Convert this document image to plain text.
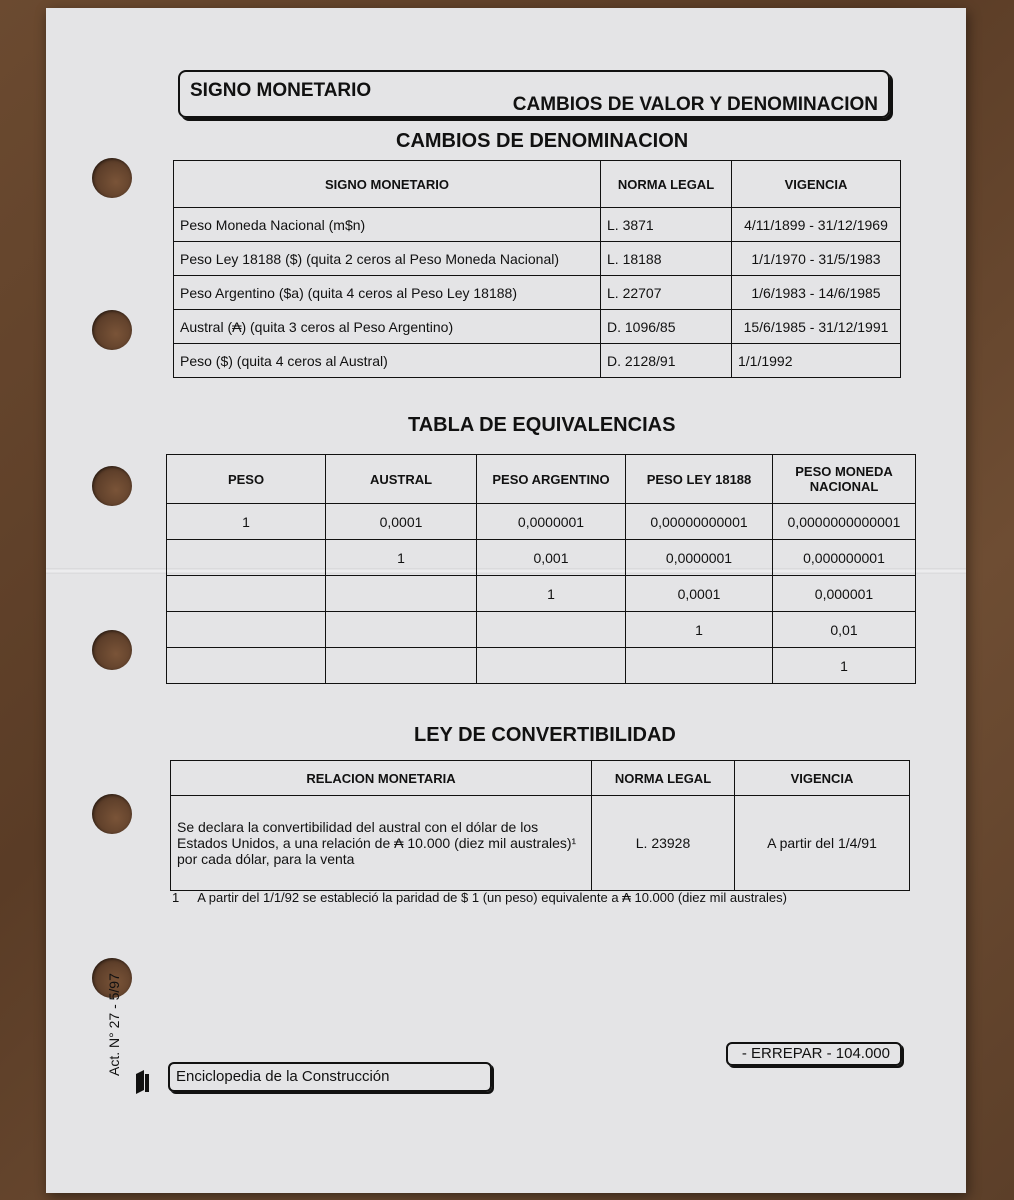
SIGNO MONETARIO
CAMBIOS DE VALOR Y DENOMINACION
CAMBIOS DE DENOMINACION
SIGNO MONETARIO	NORMA LEGAL	VIGENCIA
Peso Moneda Nacional (m$n)	L. 3871	4/11/1899 - 31/12/1969
Peso Ley 18188 ($) (quita 2 ceros al Peso Moneda Nacional)	L. 18188	1/1/1970 - 31/5/1983
Peso Argentino ($a) (quita 4 ceros al Peso Ley 18188)	L. 22707	1/6/1983 - 14/6/1985
Austral (₳) (quita 3 ceros al Peso Argentino)	D. 1096/85	15/6/1985 - 31/12/1991
Peso ($) (quita 4 ceros al Austral)	D. 2128/91	1/1/1992
TABLA DE EQUIVALENCIAS
PESO	AUSTRAL	PESO ARGENTINO	PESO LEY 18188	PESO MONEDA NACIONAL
1	0,0001	0,0000001	0,00000000001	0,0000000000001
	1	0,001	0,0000001	0,000000001
		1	0,0001	0,000001
			1	0,01
				1
LEY DE CONVERTIBILIDAD
RELACION MONETARIA	NORMA LEGAL	VIGENCIA
Se declara la convertibilidad del austral con el dólar de los Estados Unidos, a una relación de ₳ 10.000 (diez mil australes)¹ por cada dólar, para la venta	L. 23928	A partir del 1/4/91
1 A partir del 1/1/92 se estableció la paridad de $ 1 (un peso) equivalente a ₳ 10.000 (diez mil australes)
Act. N° 27 - 5/97
Enciclopedia de la Construcción
- ERREPAR - 104.000
